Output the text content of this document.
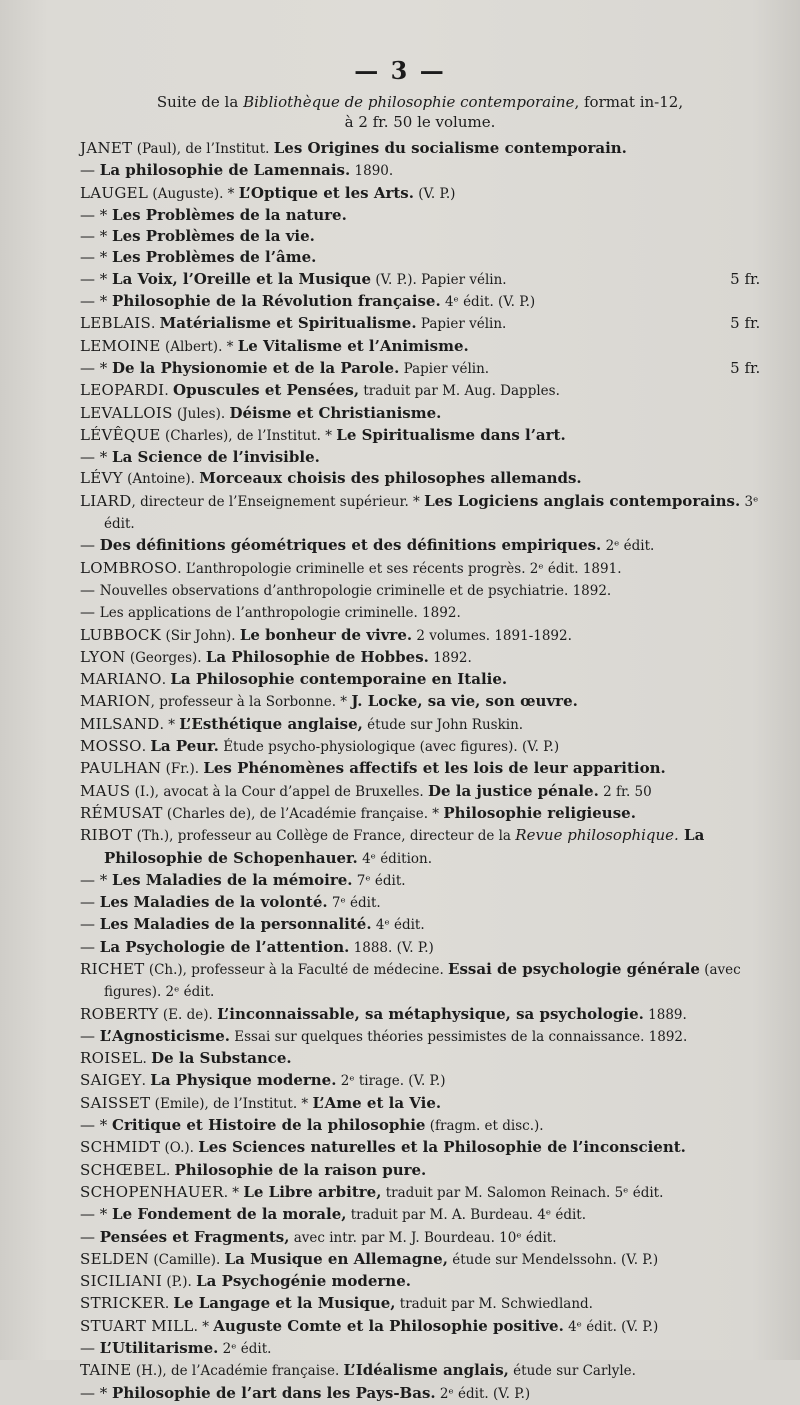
— 3 —
Suite de la Bibliothèque de philosophie contemporaine, format in-12,
à 2 fr. 50 le volume.
JANET (Paul), de l’Institut. Les Origines du socialisme contemporain.
— La philosophie de Lamennais. 1890.
LAUGEL (Auguste). * L’Optique et les Arts. (V. P.)
— * Les Problèmes de la nature.
— * Les Problèmes de la vie.
— * Les Problèmes de l’âme.
5 fr.
— * La Voix, l’Oreille et la Musique (V. P.). Papier vélin.
— * Philosophie de la Révolution française. 4ᵉ édit. (V. P.)
5 fr.
LEBLAIS. Matérialisme et Spiritualisme. Papier vélin.
LEMOINE (Albert). * Le Vitalisme et l’Animisme.
5 fr.
— * De la Physionomie et de la Parole. Papier vélin.
LEOPARDI. Opuscules et Pensées, traduit par M. Aug. Dapples.
LEVALLOIS (Jules). Déisme et Christianisme.
LÉVÊQUE (Charles), de l’Institut. * Le Spiritualisme dans l’art.
— * La Science de l’invisible.
LÉVY (Antoine). Morceaux choisis des philosophes allemands.
LIARD, directeur de l’Enseignement supérieur. * Les Logiciens anglais contemporains. 3ᵉ édit.
— Des définitions géométriques et des définitions empiriques. 2ᵉ édit.
LOMBROSO. L’anthropologie criminelle et ses récents progrès. 2ᵉ édit. 1891.
— Nouvelles observations d’anthropologie criminelle et de psychiatrie. 1892.
— Les applications de l’anthropologie criminelle. 1892.
LUBBOCK (Sir John). Le bonheur de vivre. 2 volumes. 1891-1892.
LYON (Georges). La Philosophie de Hobbes. 1892.
MARIANO. La Philosophie contemporaine en Italie.
MARION, professeur à la Sorbonne. * J. Locke, sa vie, son œuvre.
MILSAND. * L’Esthétique anglaise, étude sur John Ruskin.
MOSSO. La Peur. Étude psycho-physiologique (avec figures). (V. P.)
PAULHAN (Fr.). Les Phénomènes affectifs et les lois de leur apparition.
MAUS (I.), avocat à la Cour d’appel de Bruxelles. De la justice pénale. 2 fr. 50
RÉMUSAT (Charles de), de l’Académie française. * Philosophie religieuse.
RIBOT (Th.), professeur au Collège de France, directeur de la Revue philosophique. La Philosophie de Schopenhauer. 4ᵉ édition.
— * Les Maladies de la mémoire. 7ᵉ édit.
— Les Maladies de la volonté. 7ᵉ édit.
— Les Maladies de la personnalité. 4ᵉ édit.
— La Psychologie de l’attention. 1888. (V. P.)
RICHET (Ch.), professeur à la Faculté de médecine. Essai de psychologie générale (avec figures). 2ᵉ édit.
ROBERTY (E. de). L’inconnaissable, sa métaphysique, sa psychologie. 1889.
— L’Agnosticisme. Essai sur quelques théories pessimistes de la connaissance. 1892.
ROISEL. De la Substance.
SAIGEY. La Physique moderne. 2ᵉ tirage. (V. P.)
SAISSET (Emile), de l’Institut. * L’Ame et la Vie.
— * Critique et Histoire de la philosophie (fragm. et disc.).
SCHMIDT (O.). Les Sciences naturelles et la Philosophie de l’inconscient.
SCHŒBEL. Philosophie de la raison pure.
SCHOPENHAUER. * Le Libre arbitre, traduit par M. Salomon Reinach. 5ᵉ édit.
— * Le Fondement de la morale, traduit par M. A. Burdeau. 4ᵉ édit.
— Pensées et Fragments, avec intr. par M. J. Bourdeau. 10ᵉ édit.
SELDEN (Camille). La Musique en Allemagne, étude sur Mendelssohn. (V. P.)
SICILIANI (P.). La Psychogénie moderne.
STRICKER. Le Langage et la Musique, traduit par M. Schwiedland.
STUART MILL. * Auguste Comte et la Philosophie positive. 4ᵉ édit. (V. P.)
— L’Utilitarisme. 2ᵉ édit.
TAINE (H.), de l’Académie française. L’Idéalisme anglais, étude sur Carlyle.
— * Philosophie de l’art dans les Pays-Bas. 2ᵉ édit. (V. P.)
